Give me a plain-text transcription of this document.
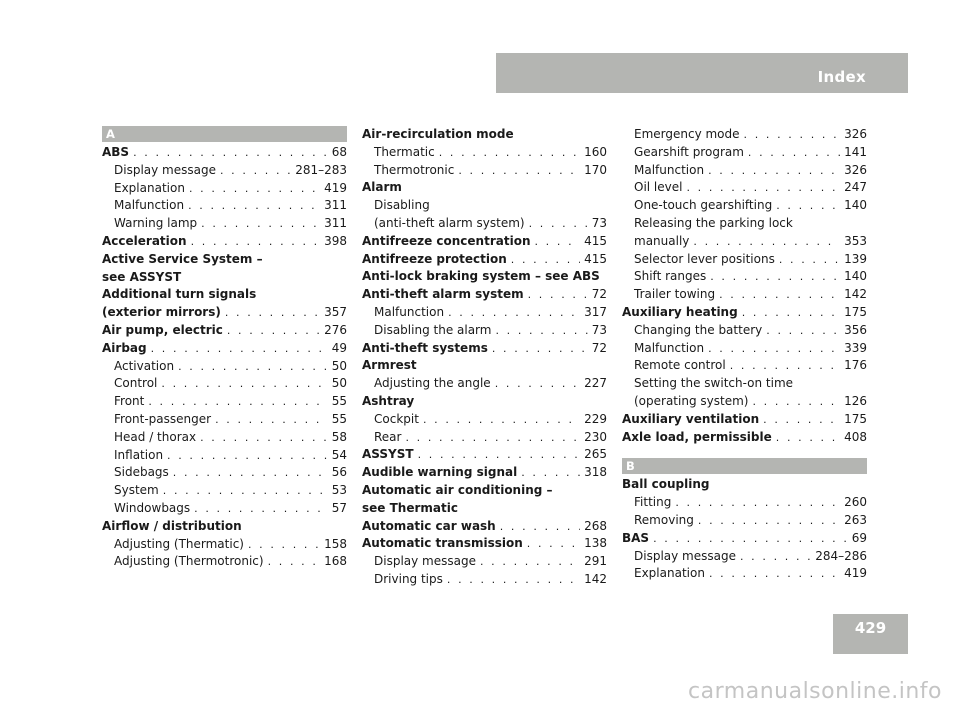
Index
A
ABS . . .	68
Display message . . .	281–283
Explanation . . .	419
Malfunction . . .	311
Warning lamp . . .	311
Acceleration . . .	398
Active Service System –
see ASSYST
Additional turn signals
(exterior mirrors) . . .	357
Air pump, electric . . .	276
Airbag . . .	49
Activation . . .	50
Control . . .	50
Front . . .	55
Front-passenger . . .	55
Head / thorax . . .	58
Inflation . . .	54
Sidebags . . .	56
System . . .	53
Windowbags . . .	57
Airflow / distribution
Adjusting (Thermatic) . . .	158
Adjusting (Thermotronic) . . .	168
Air-recirculation mode
Thermatic . . .	160
Thermotronic . . .	170
Alarm
Disabling
(anti-theft alarm system) . . .	73
Antifreeze concentration . . .	415
Antifreeze protection . . .	415
Anti-lock braking system – see ABS
Anti-theft alarm system . . .	72
Malfunction . . .	317
Disabling the alarm . . .	73
Anti-theft systems . . .	72
Armrest
Adjusting the angle . . .	227
Ashtray
Cockpit . . .	229
Rear . . .	230
ASSYST . . .	265
Audible warning signal . . .	318
Automatic air conditioning –
see Thermatic
Automatic car wash . . .	268
Automatic transmission . . .	138
Display message . . .	291
Driving tips . . .	142
Emergency mode . . .	326
Gearshift program . . .	141
Malfunction . . .	326
Oil level . . .	247
One-touch gearshifting . . .	140
Releasing the parking lock
manually . . .	353
Selector lever positions . . .	139
Shift ranges . . .	140
Trailer towing . . .	142
Auxiliary heating . . .	175
Changing the battery . . .	356
Malfunction . . .	339
Remote control . . .	176
Setting the switch-on time
(operating system) . . .	126
Auxiliary ventilation . . .	175
Axle load, permissible . . .	408
B
Ball coupling
Fitting . . .	260
Removing . . .	263
BAS . . .	69
Display message . . .	284–286
Explanation . . .	419
429
carmanualsonline.info
